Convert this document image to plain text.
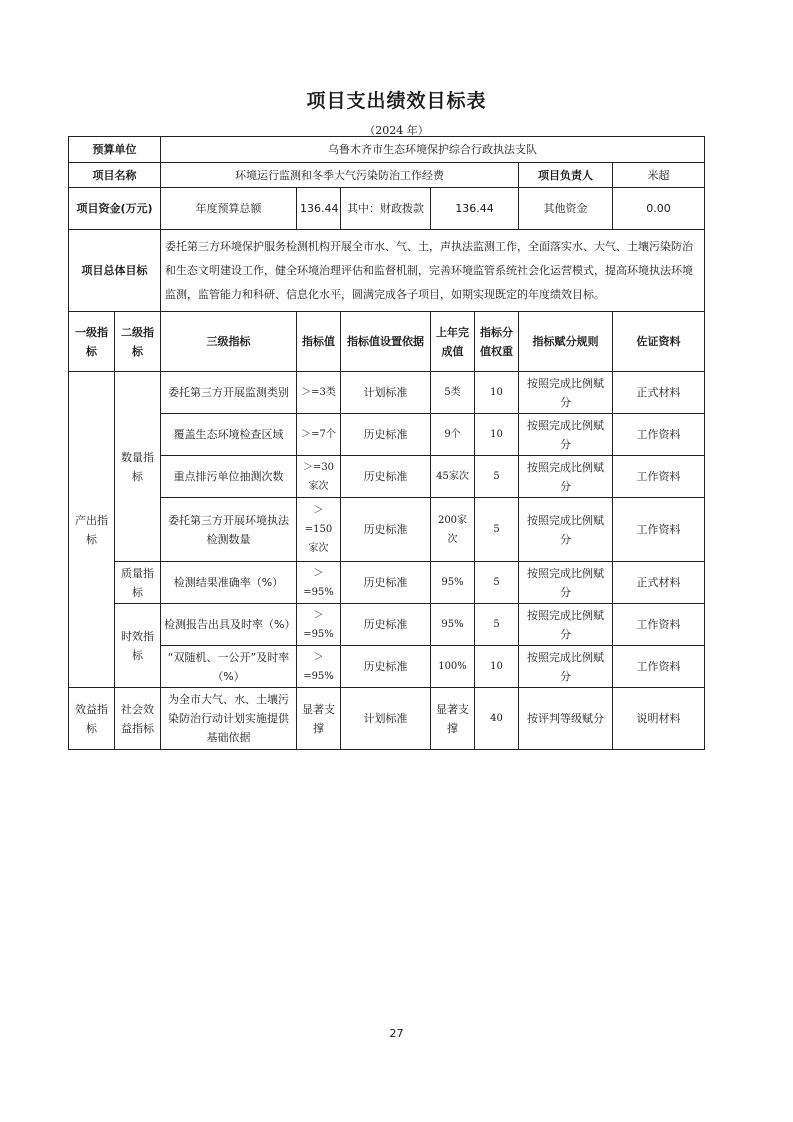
项目支出绩效目标表
（2024 年）
预算单位		乌鲁木齐市生态环境保护综合行政执法支队						
项目名称		环境运行监测和冬季大气污染防治工作经费					项目负责人	米超
项目资金(万元)		年度预算总额	136.44	其中：财政拨款	136.44		其他资金	0.00
项目总体目标		委托第三方环境保护服务检测机构开展全市水、气、土，声执法监测工作，全面落实水、大气、土壤污染防治和生态文明建设工作，健全环境治理评估和监督机制，完善环境监管系统社会化运营模式，提高环境执法环境监测，监管能力和科研、信息化水平，圆满完成各子项目，如期实现既定的年度绩效目标。						
一级指标	二级指标	三级指标	指标值	指标值设置依据	上年完成值	指标分值权重	指标赋分规则	佐证资料
产出指标	数量指标	委托第三方开展监测类别	＞=3类	计划标准	5类	10	按照完成比例赋分	正式材料
		覆盖生态环境检查区域	＞=7个	历史标准	9个	10	按照完成比例赋分	工作资料
		重点排污单位抽测次数	＞=30家次	历史标准	45家次	5	按照完成比例赋分	工作资料
		委托第三方开展环境执法检测数量	＞=150家次	历史标准	200家次	5	按照完成比例赋分	工作资料
	质量指标	检测结果准确率（%）	＞=95%	历史标准	95%	5	按照完成比例赋分	正式材料
	时效指标	检测报告出具及时率（%）	＞=95%	历史标准	95%	5	按照完成比例赋分	工作资料
		“双随机、一公开”及时率（%）	＞=95%	历史标准	100%	10	按照完成比例赋分	工作资料
效益指标	社会效益指标	为全市大气、水、土壤污染防治行动计划实施提供基础依据	显著支撑	计划标准	显著支撑	40	按评判等级赋分	说明材料
27
